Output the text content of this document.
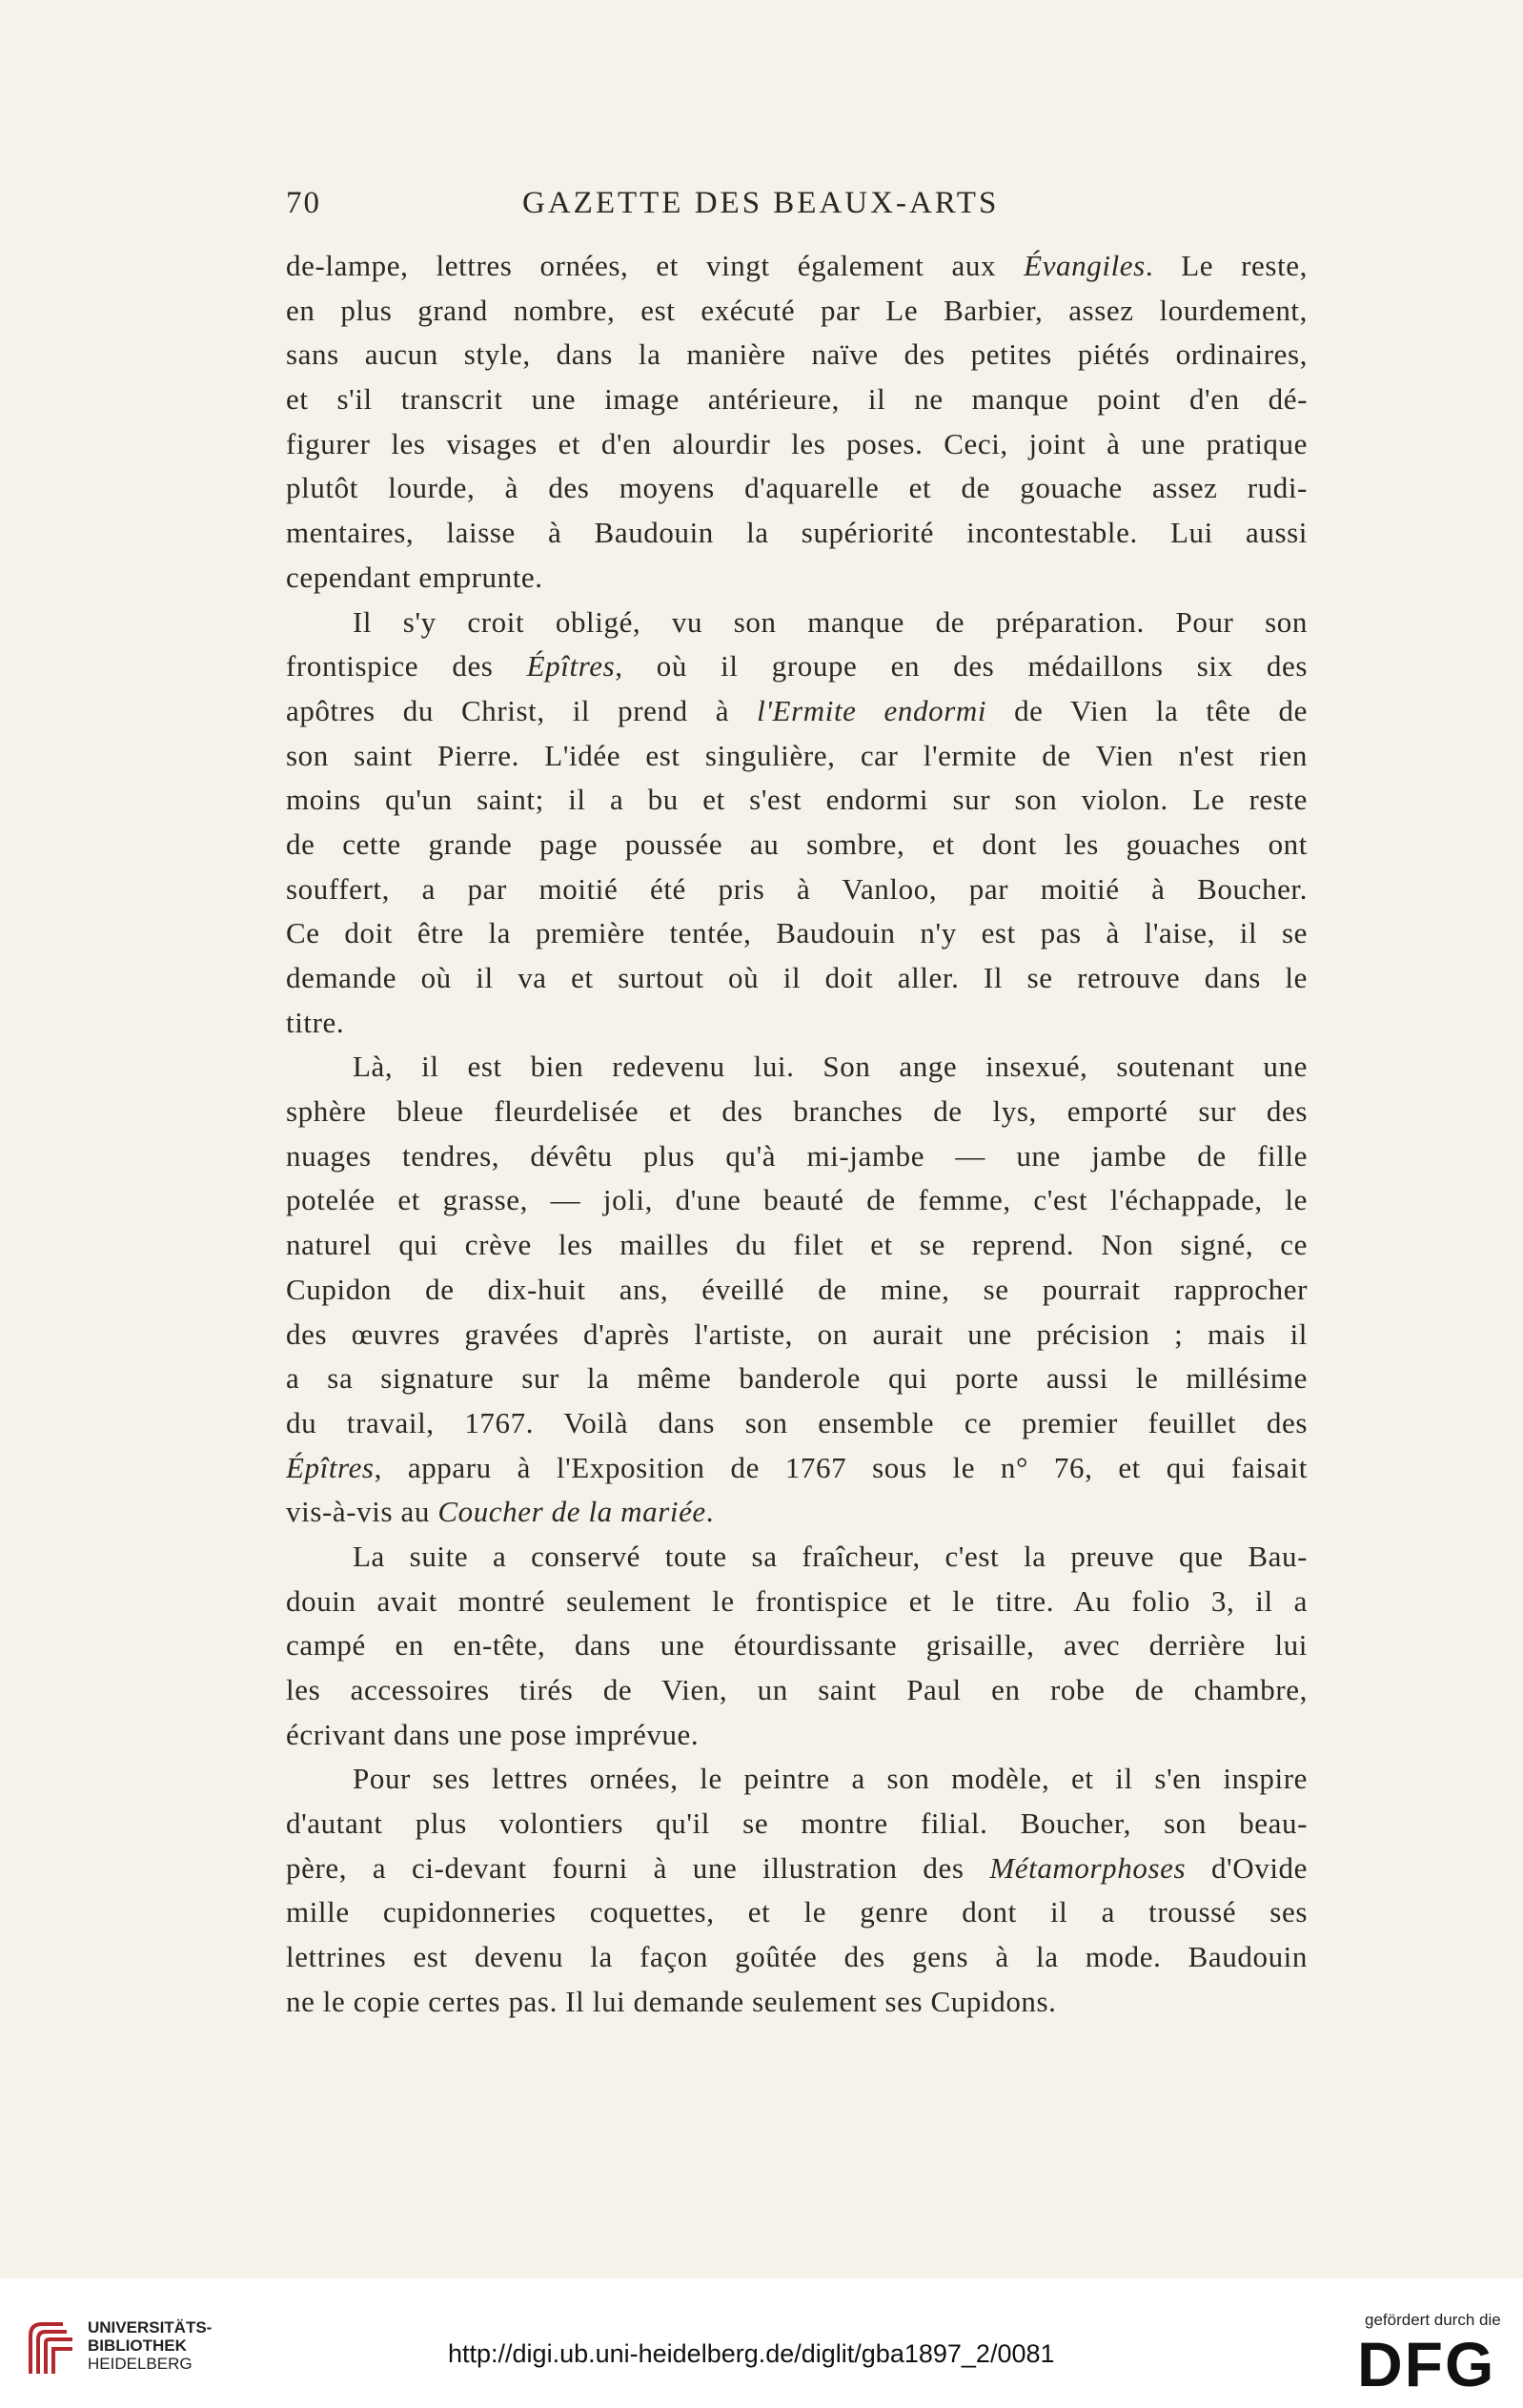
70	GAZETTE DES BEAUX-ARTS
de-lampe, lettres ornées, et vingt également aux Évangiles. Le reste,
en plus grand nombre, est exécuté par Le Barbier, assez lourdement,
sans aucun style, dans la manière naïve des petites piétés ordinaires,
et s'il transcrit une image antérieure, il ne manque point d'en dé-
figurer les visages et d'en alourdir les poses. Ceci, joint à une pratique
plutôt lourde, à des moyens d'aquarelle et de gouache assez rudi-
mentaires, laisse à Baudouin la supériorité incontestable. Lui aussi
cependant emprunte.
Il s'y croit obligé, vu son manque de préparation. Pour son
frontispice des Épîtres, où il groupe en des médaillons six des
apôtres du Christ, il prend à l'Ermite endormi de Vien la tête de
son saint Pierre. L'idée est singulière, car l'ermite de Vien n'est rien
moins qu'un saint; il a bu et s'est endormi sur son violon. Le reste
de cette grande page poussée au sombre, et dont les gouaches ont
souffert, a par moitié été pris à Vanloo, par moitié à Boucher.
Ce doit être la première tentée, Baudouin n'y est pas à l'aise, il se
demande où il va et surtout où il doit aller. Il se retrouve dans le
titre.
Là, il est bien redevenu lui. Son ange insexué, soutenant une
sphère bleue fleurdelisée et des branches de lys, emporté sur des
nuages tendres, dévêtu plus qu'à mi-jambe — une jambe de fille
potelée et grasse, — joli, d'une beauté de femme, c'est l'échappade, le
naturel qui crève les mailles du filet et se reprend. Non signé, ce
Cupidon de dix-huit ans, éveillé de mine, se pourrait rapprocher
des œuvres gravées d'après l'artiste, on aurait une précision ; mais il
a sa signature sur la même banderole qui porte aussi le millésime
du travail, 1767. Voilà dans son ensemble ce premier feuillet des
Épîtres, apparu à l'Exposition de 1767 sous le n° 76, et qui faisait
vis-à-vis au Coucher de la mariée.
La suite a conservé toute sa fraîcheur, c'est la preuve que Bau-
douin avait montré seulement le frontispice et le titre. Au folio 3, il a
campé en en-tête, dans une étourdissante grisaille, avec derrière lui
les accessoires tirés de Vien, un saint Paul en robe de chambre,
écrivant dans une pose imprévue.
Pour ses lettres ornées, le peintre a son modèle, et il s'en inspire
d'autant plus volontiers qu'il se montre filial. Boucher, son beau-
père, a ci-devant fourni à une illustration des Métamorphoses d'Ovide
mille cupidonneries coquettes, et le genre dont il a troussé ses
lettrines est devenu la façon goûtée des gens à la mode. Baudouin
ne le copie certes pas. Il lui demande seulement ses Cupidons.
UNIVERSITÄTS-
BIBLIOTHEK
HEIDELBERG	http://digi.ub.uni-heidelberg.de/diglit/gba1897_2/0081
gefördert durch die
DFG
